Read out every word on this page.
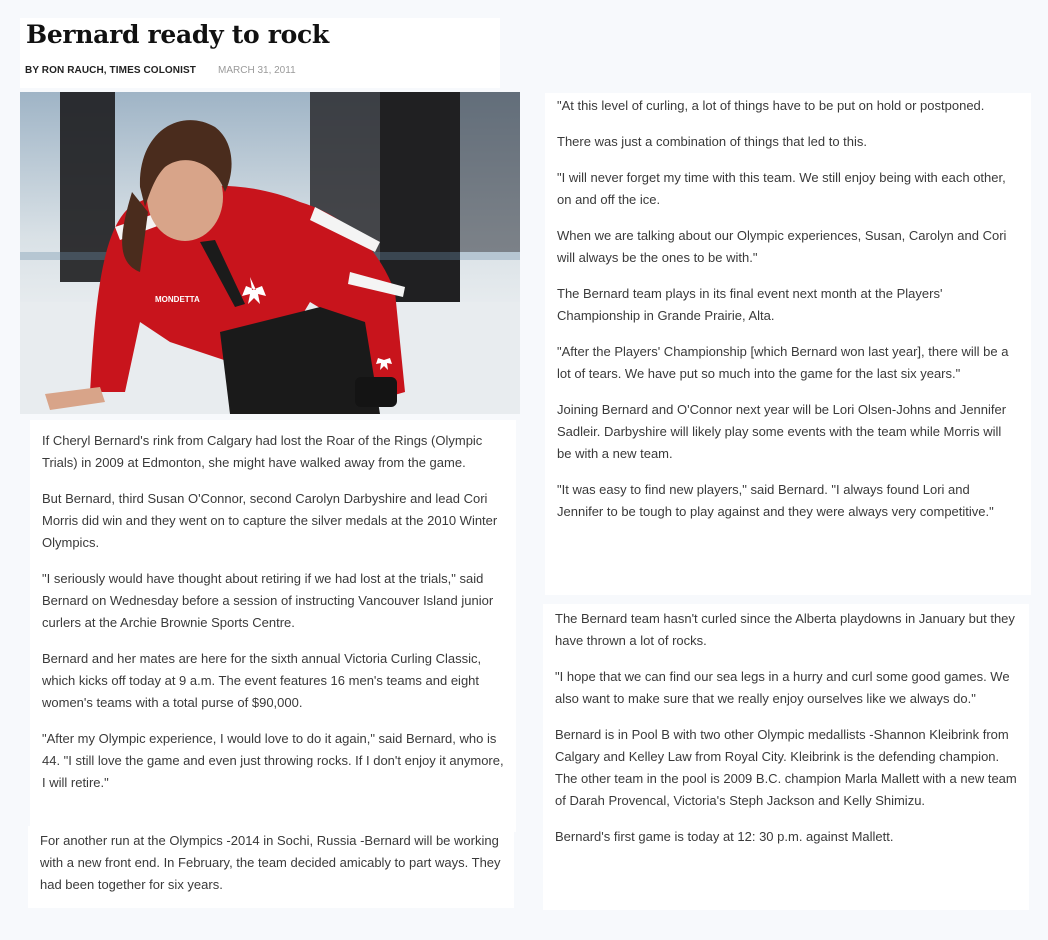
Bernard ready to rock
BY RON RAUCH, TIMES COLONIST MARCH 31, 2011
MONDETTA

If Cheryl Bernard's rink from Calgary had lost the Roar of the Rings (Olympic Trials) in 2009 at Edmonton, she might have walked away from the game.

But Bernard, third Susan O'Connor, second Carolyn Darbyshire and lead Cori Morris did win and they went on to capture the silver medals at the 2010 Winter Olympics.

"I seriously would have thought about retiring if we had lost at the trials," said Bernard on Wednesday before a session of instructing Vancouver Island junior curlers at the Archie Brownie Sports Centre.

Bernard and her mates are here for the sixth annual Victoria Curling Classic, which kicks off today at 9 a.m. The event features 16 men's teams and eight women's teams with a total purse of $90,000.

"After my Olympic experience, I would love to do it again," said Bernard, who is 44. "I still love the game and even just throwing rocks. If I don't enjoy it anymore, I will retire."

For another run at the Olympics -2014 in Sochi, Russia -Bernard will be working with a new front end. In February, the team decided amicably to part ways. They had been together for six years.

"At this level of curling, a lot of things have to be put on hold or postponed.

There was just a combination of things that led to this.

"I will never forget my time with this team. We still enjoy being with each other, on and off the ice.

When we are talking about our Olympic experiences, Susan, Carolyn and Cori will always be the ones to be with."

The Bernard team plays in its final event next month at the Players' Championship in Grande Prairie, Alta.

"After the Players' Championship [which Bernard won last year], there will be a lot of tears. We have put so much into the game for the last six years."

Joining Bernard and O'Connor next year will be Lori Olsen-Johns and Jennifer Sadleir. Darbyshire will likely play some events with the team while Morris will be with a new team.

"It was easy to find new players," said Bernard. "I always found Lori and Jennifer to be tough to play against and they were always very competitive."

The Bernard team hasn't curled since the Alberta playdowns in January but they have thrown a lot of rocks.

"I hope that we can find our sea legs in a hurry and curl some good games. We also want to make sure that we really enjoy ourselves like we always do."

Bernard is in Pool B with two other Olympic medallists -Shannon Kleibrink from Calgary and Kelley Law from Royal City. Kleibrink is the defending champion. The other team in the pool is 2009 B.C. champion Marla Mallett with a new team of Darah Provencal, Victoria's Steph Jackson and Kelly Shimizu.

Bernard's first game is today at 12: 30 p.m. against Mallett.
